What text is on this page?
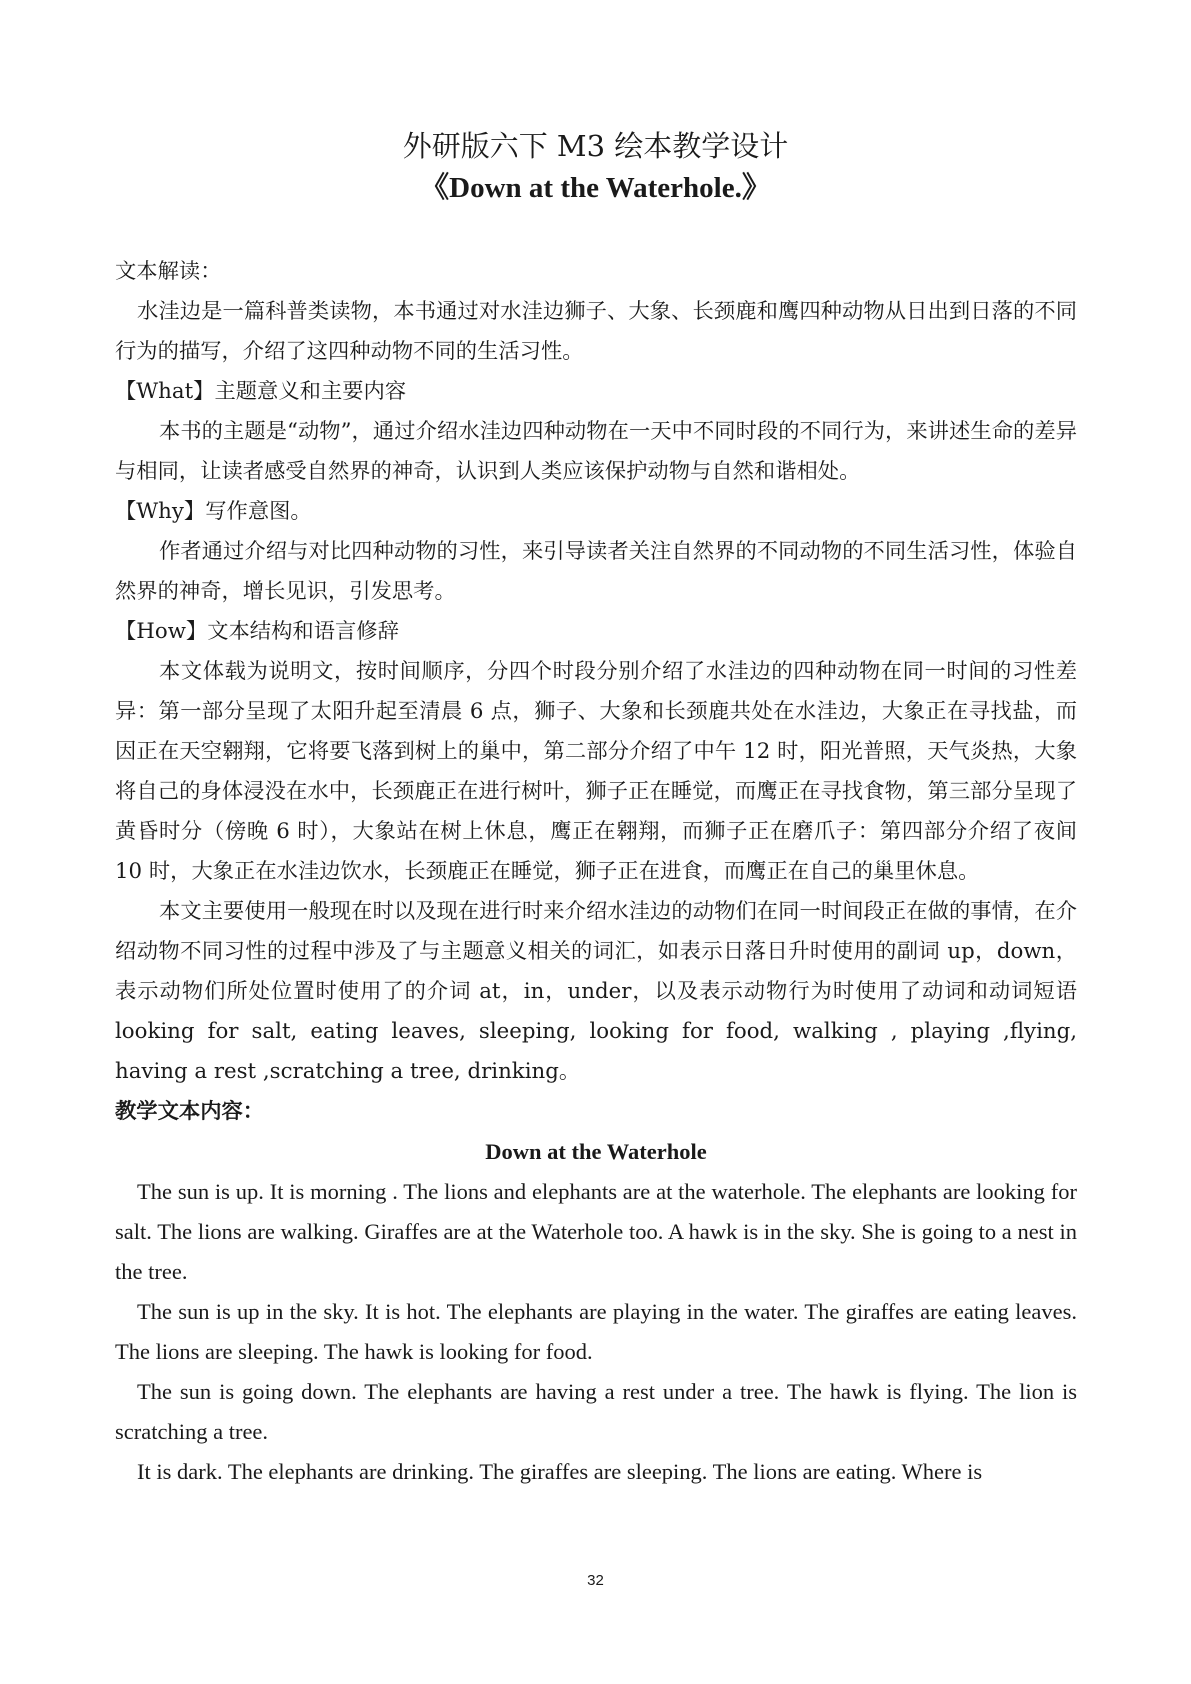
外研版六下 M3 绘本教学设计
《Down at the Waterhole.》

文本解读：

水洼边是一篇科普类读物，本书通过对水洼边狮子、大象、长颈鹿和鹰四种动物从日出到日落的不同行为的描写，介绍了这四种动物不同的生活习性。

【What】主题意义和主要内容

本书的主题是“动物”，通过介绍水洼边四种动物在一天中不同时段的不同行为，来讲述生命的差异与相同，让读者感受自然界的神奇，认识到人类应该保护动物与自然和谐相处。

【Why】写作意图。

作者通过介绍与对比四种动物的习性，来引导读者关注自然界的不同动物的不同生活习性，体验自然界的神奇，增长见识，引发思考。

【How】文本结构和语言修辞

本文体载为说明文，按时间顺序，分四个时段分别介绍了水洼边的四种动物在同一时间的习性差异：第一部分呈现了太阳升起至清晨 6 点，狮子、大象和长颈鹿共处在水洼边，大象正在寻找盐，而因正在天空翱翔，它将要飞落到树上的巢中，第二部分介绍了中午 12 时，阳光普照，天气炎热，大象将自己的身体浸没在水中，长颈鹿正在进行树叶，狮子正在睡觉，而鹰正在寻找食物，第三部分呈现了黄昏时分（傍晚 6 时），大象站在树上休息，鹰正在翱翔，而狮子正在磨爪子：第四部分介绍了夜间 10 时，大象正在水洼边饮水，长颈鹿正在睡觉，狮子正在进食，而鹰正在自己的巢里休息。

本文主要使用一般现在时以及现在进行时来介绍水洼边的动物们在同一时间段正在做的事情，在介绍动物不同习性的过程中涉及了与主题意义相关的词汇，如表示日落日升时使用的副词 up，down，表示动物们所处位置时使用了的介词 at，in，under，以及表示动物行为时使用了动词和动词短语 looking for salt, eating leaves, sleeping, looking for food, walking , playing ,flying, having a rest ,scratching a tree, drinking。

教学文本内容：

Down at the Waterhole

The sun is up. It is morning . The lions and elephants are at the waterhole. The elephants are looking for salt. The lions are walking. Giraffes are at the Waterhole too. A hawk is in the sky. She is going to a nest in the tree.

The sun is up in the sky. It is hot. The elephants are playing in the water. The giraffes are eating leaves. The lions are sleeping. The hawk is looking for food.

The sun is going down. The elephants are having a rest under a tree. The hawk is flying. The lion is scratching a tree.

It is dark. The elephants are drinking. The giraffes are sleeping. The lions are eating. Where is

32
